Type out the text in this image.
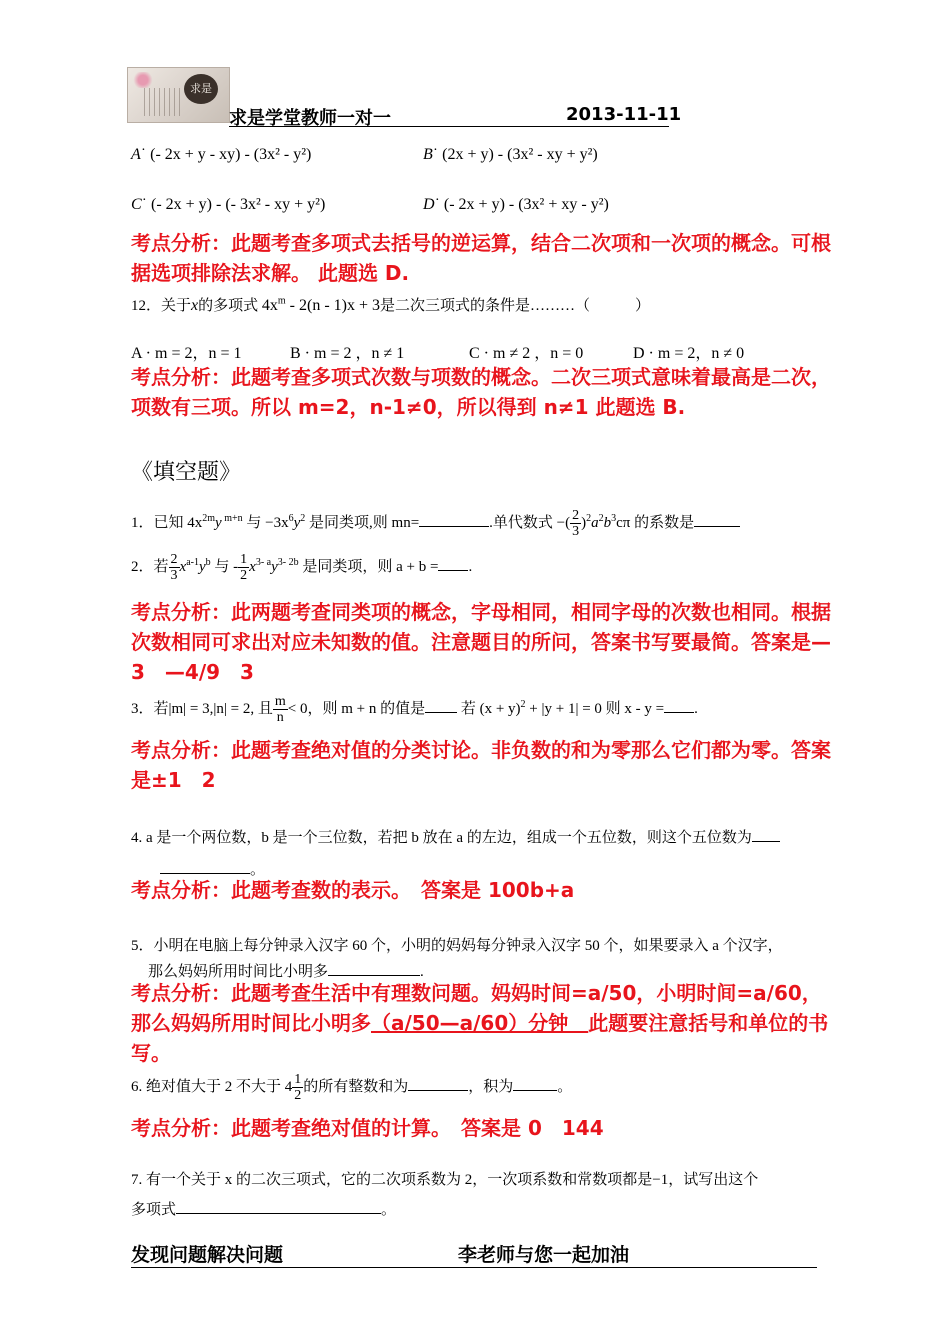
求是
求是学堂教师一对一	2013-11-11
A˙ (- 2x + y - xy) - (3x² - y²)	B˙ (2x + y) - (3x² - xy + y²)
C˙ (- 2x + y) - (- 3x² - xy + y²)	D˙ (- 2x + y) - (3x² + xy - y²)
考点分析：此题考查多项式去括号的逆运算，结合二次项和一次项的概念。可根据选项排除法求解。 此题选 D.
12．关于x的多项式 $4x^m - 2(n - 1)x + 3$是二次三项式的条件是………（　　　）
A · m = 2，n = 1	B · m = 2 ，n ≠ 1	C · m ≠ 2 ，n = 0	D · m = 2，n ≠ 0
考点分析：此题考查多项式次数与项数的概念。二次三项式意味着最高是二次，项数有三项。所以 m=2，n-1≠0，所以得到 n≠1 此题选 B.
《填空题》
1．已知 $4x^{2m}y$ $^{m+n}$ 与 $-3x^6y^2$ 是同类项,则 mn=	.单代数式 −( $\frac{2}{3} )^2a^2b^3c\pi$ 的系数是
2．若 $\frac{2}{3} x^{a-1}y^b$ 与 - $\frac{1}{2} x^{3- a}y^{3- 2b}$ 是同类项，则 a + b = .
考点分析：此两题考查同类项的概念，字母相同，相同字母的次数也相同。根据次数相同可求出对应未知数的值。注意题目的所问，答案书写要最简。答案是—3　—4/9　3
3．若|m| = 3,|n| = 2, 且 $\frac{m}{n} < 0$，则 m + n 的值是 若 $(x + y)^2 + |y + 1| = 0$ 则 x - y = .
考点分析：此题考查绝对值的分类讨论。非负数的和为零那么它们都为零。答案是±1　2
4. a 是一个两位数，b 是一个三位数，若把 b 放在 a 的左边，组成一个五位数，则这个五位数为
。
考点分析：此题考查数的表示。　答案是 100b+a
5．小明在电脑上每分钟录入汉字 60 个，小明的妈妈每分钟录入汉字 50 个，如果要录入 a 个汉字，
那么妈妈所用时间比小明多	.
考点分析：此题考查生活中有理数问题。妈妈时间=a/50，小明时间=a/60，那么妈妈所用时间比小明多（a/50—a/60）分钟　此题要注意括号和单位的书写。
6. 绝对值大于 2 不大于 $4 \frac{1}{2}$ 的所有整数和为	，积为	。
考点分析：此题考查绝对值的计算。　答案是 0　144
7. 有一个关于 x 的二次三项式，它的二次项系数为 2，一次项系数和常数项都是−1，试写出这个
多项式	。
发现问题解决问题	李老师与您一起加油
